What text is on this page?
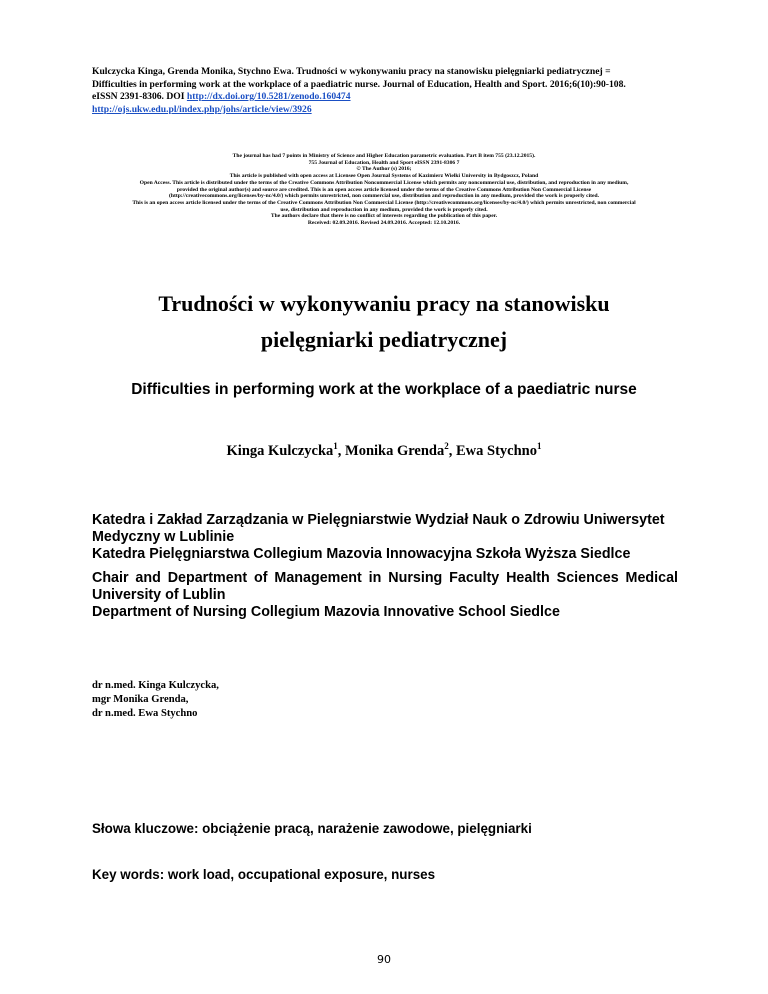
Kulczycka Kinga, Grenda Monika, Stychno Ewa. Trudności w wykonywaniu pracy na stanowisku pielęgniarki pediatrycznej =
Difficulties in performing work at the workplace of a paediatric nurse. Journal of Education, Health and Sport. 2016;6(10):90-108.
eISSN 2391-8306. DOI http://dx.doi.org/10.5281/zenodo.160474
http://ojs.ukw.edu.pl/index.php/johs/article/view/3926
The journal has had 7 points in Ministry of Science and Higher Education parametric evaluation. Part B item 755 (23.12.2015).
755 Journal of Education, Health and Sport eISSN 2391-8306 7
© The Author (s) 2016;
This article is published with open access at Licensee Open Journal Systems of Kazimierz Wielki University in Bydgoszcz, Poland
Open Access. This article is distributed under the terms of the Creative Commons Attribution Noncommercial License which permits any noncommercial use, distribution, and reproduction in any medium,
provided the original author(s) and source are credited. This is an open access article licensed under the terms of the Creative Commons Attribution Non Commercial License
(http://creativecommons.org/licenses/by-nc/4.0/) which permits unrestricted, non commercial use, distribution and reproduction in any medium, provided the work is properly cited.
This is an open access article licensed under the terms of the Creative Commons Attribution Non Commercial License (http://creativecommons.org/licenses/by-nc/4.0/) which permits unrestricted, non commercial
use, distribution and reproduction in any medium, provided the work is properly cited.
The authors declare that there is no conflict of interests regarding the publication of this paper.
Received: 02.09.2016. Revised 24.09.2016. Accepted: 12.10.2016.
Trudności w wykonywaniu pracy na stanowisku
pielęgniarki pediatrycznej
Difficulties in performing work at the workplace of a paediatric nurse
Kinga Kulczycka$^1$, Monika Grenda$^2$, Ewa Stychno$^1$
Katedra i Zakład Zarządzania w Pielęgniarstwie Wydział Nauk o Zdrowiu Uniwersytet
Medyczny w Lublinie
Katedra Pielęgniarstwa Collegium Mazovia Innowacyjna Szkoła Wyższa Siedlce
Chair and Department of Management in Nursing Faculty Health Sciences Medical
University of Lublin
Department of Nursing Collegium Mazovia Innovative School Siedlce
dr n.med. Kinga Kulczycka,
mgr Monika Grenda,
dr n.med. Ewa Stychno
Słowa kluczowe: obciążenie pracą, narażenie zawodowe, pielęgniarki
Key words: work load, occupational exposure, nurses
90
